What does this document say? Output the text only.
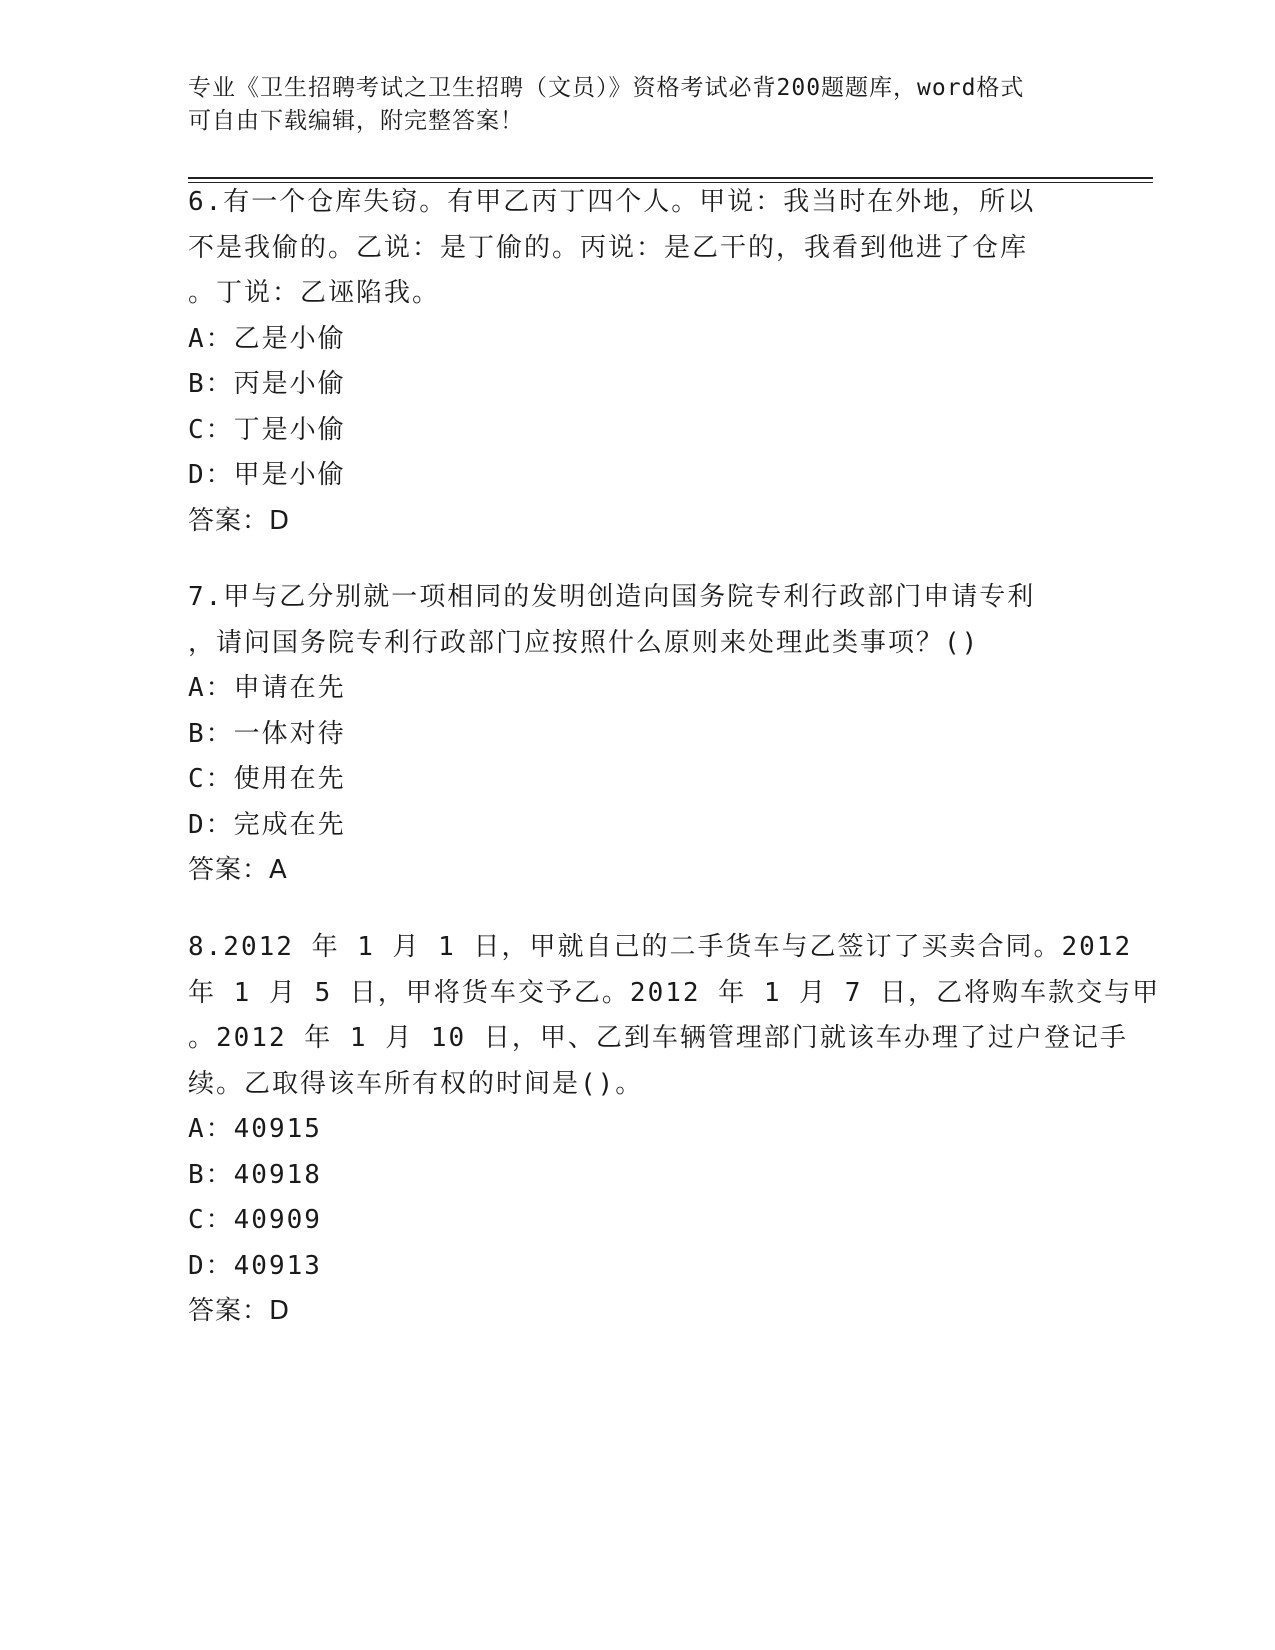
专业《卫生招聘考试之卫生招聘（文员）》资格考试必背200题题库，word格式
可自由下载编辑，附完整答案！
6.有一个仓库失窃。有甲乙丙丁四个人。甲说：我当时在外地，所以
不是我偷的。乙说：是丁偷的。丙说：是乙干的，我看到他进了仓库
。丁说：乙诬陷我。
A：乙是小偷
B：丙是小偷
C：丁是小偷
D：甲是小偷
答案：D
7.甲与乙分别就一项相同的发明创造向国务院专利行政部门申请专利
，请问国务院专利行政部门应按照什么原则来处理此类事项？()
A：申请在先
B：一体对待
C：使用在先
D：完成在先
答案：A
8.2012 年 1 月 1 日，甲就自己的二手货车与乙签订了买卖合同。2012
年 1 月 5 日，甲将货车交予乙。2012 年 1 月 7 日，乙将购车款交与甲
。2012 年 1 月 10 日，甲、乙到车辆管理部门就该车办理了过户登记手
续。乙取得该车所有权的时间是()。
A：40915
B：40918
C：40909
D：40913
答案：D
